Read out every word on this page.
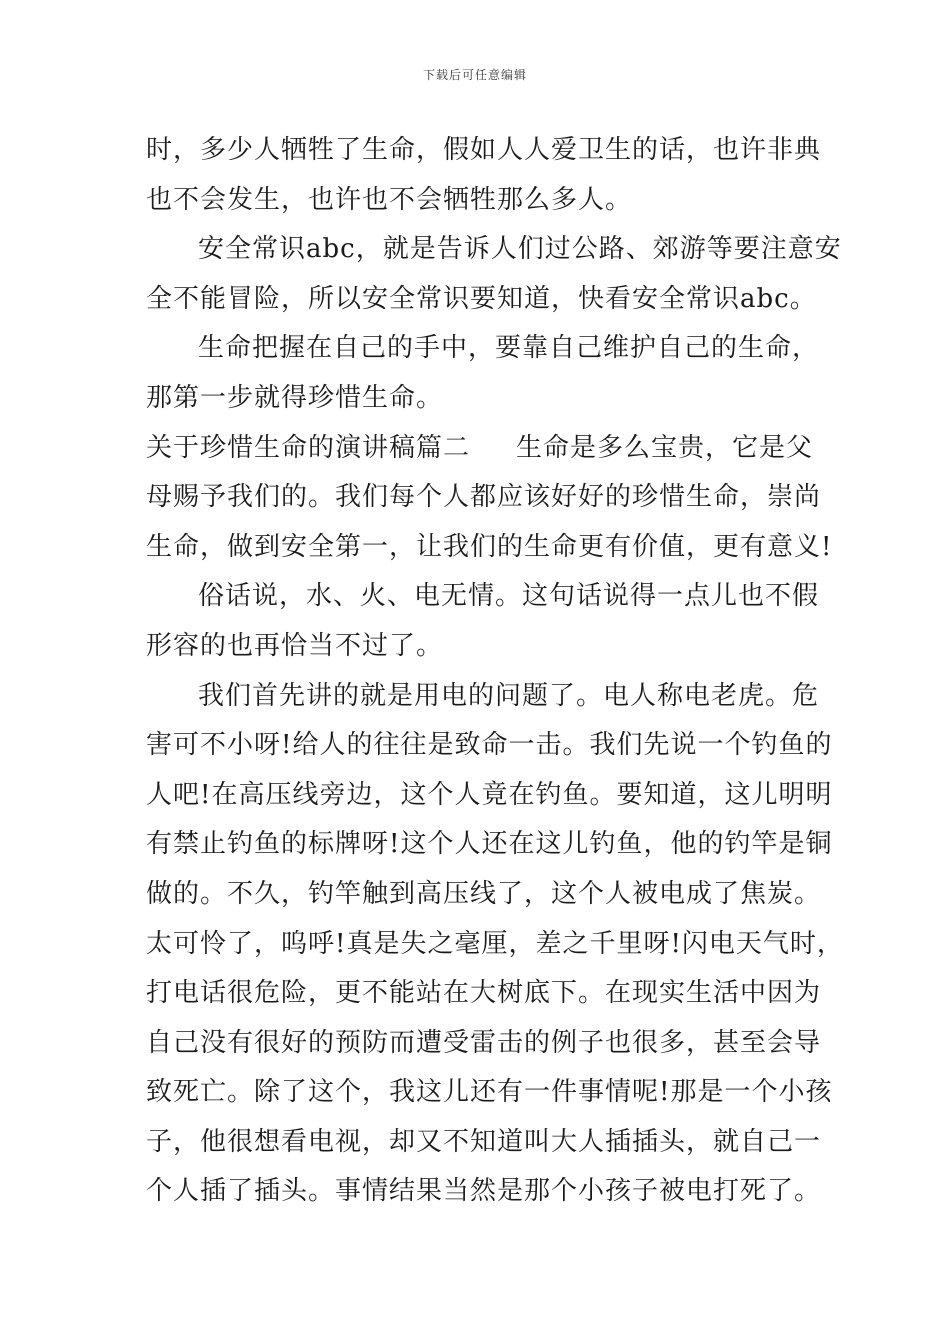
下载后可任意编辑
时，多少人牺牲了生命，假如人人爱卫生的话，也许非典
也不会发生，也许也不会牺牲那么多人。
安全常识abc，就是告诉人们过公路、郊游等要注意安
全不能冒险，所以安全常识要知道，快看安全常识abc。
生命把握在自己的手中，要靠自己维护自己的生命，
那第一步就得珍惜生命。
关于珍惜生命的演讲稿篇二 生命是多么宝贵，它是父
母赐予我们的。我们每个人都应该好好的珍惜生命，崇尚
生命，做到安全第一，让我们的生命更有价值，更有意义!
俗话说，水、火、电无情。这句话说得一点儿也不假
形容的也再恰当不过了。
我们首先讲的就是用电的问题了。电人称电老虎。危
害可不小呀!给人的往往是致命一击。我们先说一个钓鱼的
人吧!在高压线旁边，这个人竟在钓鱼。要知道，这儿明明
有禁止钓鱼的标牌呀!这个人还在这儿钓鱼，他的钓竿是铜
做的。不久，钓竿触到高压线了，这个人被电成了焦炭。
太可怜了，呜呼!真是失之毫厘，差之千里呀!闪电天气时，
打电话很危险，更不能站在大树底下。在现实生活中因为
自己没有很好的预防而遭受雷击的例子也很多，甚至会导
致死亡。除了这个，我这儿还有一件事情呢!那是一个小孩
子，他很想看电视，却又不知道叫大人插插头，就自己一
个人插了插头。事情结果当然是那个小孩子被电打死了。
